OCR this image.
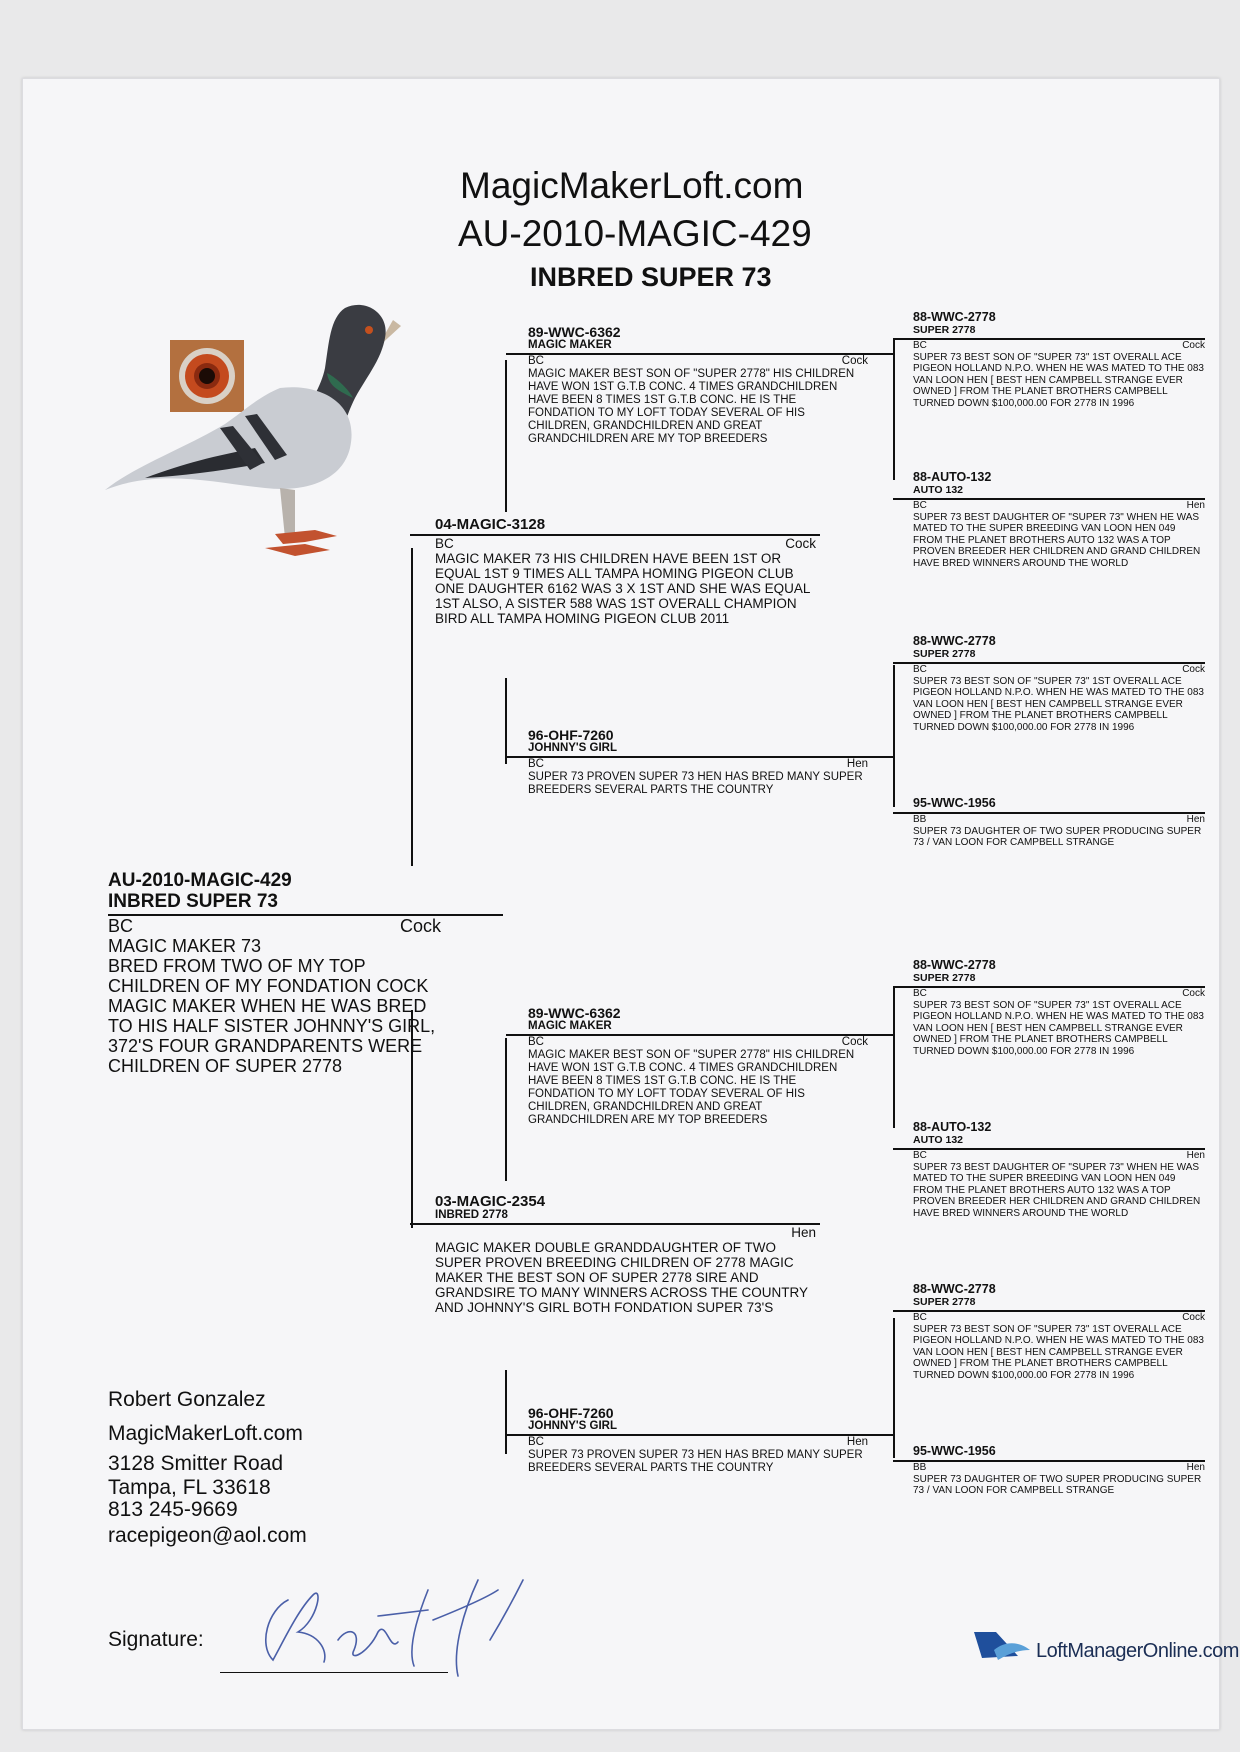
MagicMakerLoft.com
AU-2010-MAGIC-429
INBRED SUPER 73
AU-2010-MAGIC-429
INBRED SUPER 73
BC	Cock
MAGIC MAKER 73
BRED FROM TWO OF MY TOP CHILDREN OF MY FONDATION COCK MAGIC MAKER WHEN HE WAS BRED TO HIS HALF SISTER JOHNNY'S GIRL, 372'S FOUR GRANDPARENTS WERE CHILDREN OF SUPER 2778
04-MAGIC-3128
BC	Cock
MAGIC MAKER 73 HIS CHILDREN HAVE BEEN 1ST OR EQUAL 1ST 9 TIMES ALL TAMPA HOMING PIGEON CLUB ONE DAUGHTER 6162 WAS 3 X 1ST AND SHE WAS EQUAL 1ST ALSO, A SISTER 588 WAS 1ST OVERALL CHAMPION BIRD ALL TAMPA HOMING PIGEON CLUB 2011
03-MAGIC-2354
INBRED 2778
Hen
MAGIC MAKER DOUBLE GRANDDAUGHTER OF TWO SUPER PROVEN BREEDING CHILDREN OF 2778 MAGIC MAKER THE BEST SON OF SUPER 2778 SIRE AND GRANDSIRE TO MANY WINNERS ACROSS THE COUNTRY AND JOHNNY'S GIRL BOTH FONDATION SUPER 73'S
89-WWC-6362
MAGIC MAKER
BC	Cock
MAGIC MAKER BEST SON OF "SUPER 2778" HIS CHILDREN HAVE WON 1ST G.T.B CONC. 4 TIMES GRANDCHILDREN HAVE BEEN 8 TIMES 1ST G.T.B CONC. HE IS THE FONDATION TO MY LOFT TODAY SEVERAL OF HIS CHILDREN, GRANDCHILDREN AND GREAT GRANDCHILDREN ARE MY TOP BREEDERS
96-OHF-7260
JOHNNY'S GIRL
BC	Hen
SUPER 73 PROVEN SUPER 73 HEN HAS BRED MANY SUPER BREEDERS SEVERAL PARTS THE COUNTRY
89-WWC-6362
MAGIC MAKER
BC	Cock
MAGIC MAKER BEST SON OF "SUPER 2778" HIS CHILDREN HAVE WON 1ST G.T.B CONC. 4 TIMES GRANDCHILDREN HAVE BEEN 8 TIMES 1ST G.T.B CONC. HE IS THE FONDATION TO MY LOFT TODAY SEVERAL OF HIS CHILDREN, GRANDCHILDREN AND GREAT GRANDCHILDREN ARE MY TOP BREEDERS
96-OHF-7260
JOHNNY'S GIRL
BC	Hen
SUPER 73 PROVEN SUPER 73 HEN HAS BRED MANY SUPER BREEDERS SEVERAL PARTS THE COUNTRY
88-WWC-2778
SUPER 2778
BC	Cock
SUPER 73 BEST SON OF "SUPER 73" 1ST OVERALL ACE PIGEON HOLLAND N.P.O. WHEN HE WAS MATED TO THE 083 VAN LOON HEN [ BEST HEN CAMPBELL STRANGE EVER OWNED ] FROM THE PLANET BROTHERS CAMPBELL TURNED DOWN $100,000.00 FOR 2778 IN 1996
88-AUTO-132
AUTO 132
BC	Hen
SUPER 73 BEST DAUGHTER OF "SUPER 73" WHEN HE WAS MATED TO THE SUPER BREEDING VAN LOON HEN 049 FROM THE PLANET BROTHERS AUTO 132 WAS A TOP PROVEN BREEDER HER CHILDREN AND GRAND CHILDREN HAVE BRED WINNERS AROUND THE WORLD
88-WWC-2778
SUPER 2778
BC	Cock
SUPER 73 BEST SON OF "SUPER 73" 1ST OVERALL ACE PIGEON HOLLAND N.P.O. WHEN HE WAS MATED TO THE 083 VAN LOON HEN [ BEST HEN CAMPBELL STRANGE EVER OWNED ] FROM THE PLANET BROTHERS CAMPBELL TURNED DOWN $100,000.00 FOR 2778 IN 1996
95-WWC-1956
BB	Hen
SUPER 73 DAUGHTER OF TWO SUPER PRODUCING SUPER 73 / VAN LOON FOR CAMPBELL STRANGE
88-WWC-2778
SUPER 2778
BC	Cock
SUPER 73 BEST SON OF "SUPER 73" 1ST OVERALL ACE PIGEON HOLLAND N.P.O. WHEN HE WAS MATED TO THE 083 VAN LOON HEN [ BEST HEN CAMPBELL STRANGE EVER OWNED ] FROM THE PLANET BROTHERS CAMPBELL TURNED DOWN $100,000.00 FOR 2778 IN 1996
88-AUTO-132
AUTO 132
BC	Hen
SUPER 73 BEST DAUGHTER OF "SUPER 73" WHEN HE WAS MATED TO THE SUPER BREEDING VAN LOON HEN 049 FROM THE PLANET BROTHERS AUTO 132 WAS A TOP PROVEN BREEDER HER CHILDREN AND GRAND CHILDREN HAVE BRED WINNERS AROUND THE WORLD
88-WWC-2778
SUPER 2778
BC	Cock
SUPER 73 BEST SON OF "SUPER 73" 1ST OVERALL ACE PIGEON HOLLAND N.P.O. WHEN HE WAS MATED TO THE 083 VAN LOON HEN [ BEST HEN CAMPBELL STRANGE EVER OWNED ] FROM THE PLANET BROTHERS CAMPBELL TURNED DOWN $100,000.00 FOR 2778 IN 1996
95-WWC-1956
BB	Hen
SUPER 73 DAUGHTER OF TWO SUPER PRODUCING SUPER 73 / VAN LOON FOR CAMPBELL STRANGE
Robert Gonzalez
MagicMakerLoft.com
3128 Smitter Road
Tampa, FL 33618
813 245-9669
racepigeon@aol.com
Signature:	LoftManagerOnline.com
